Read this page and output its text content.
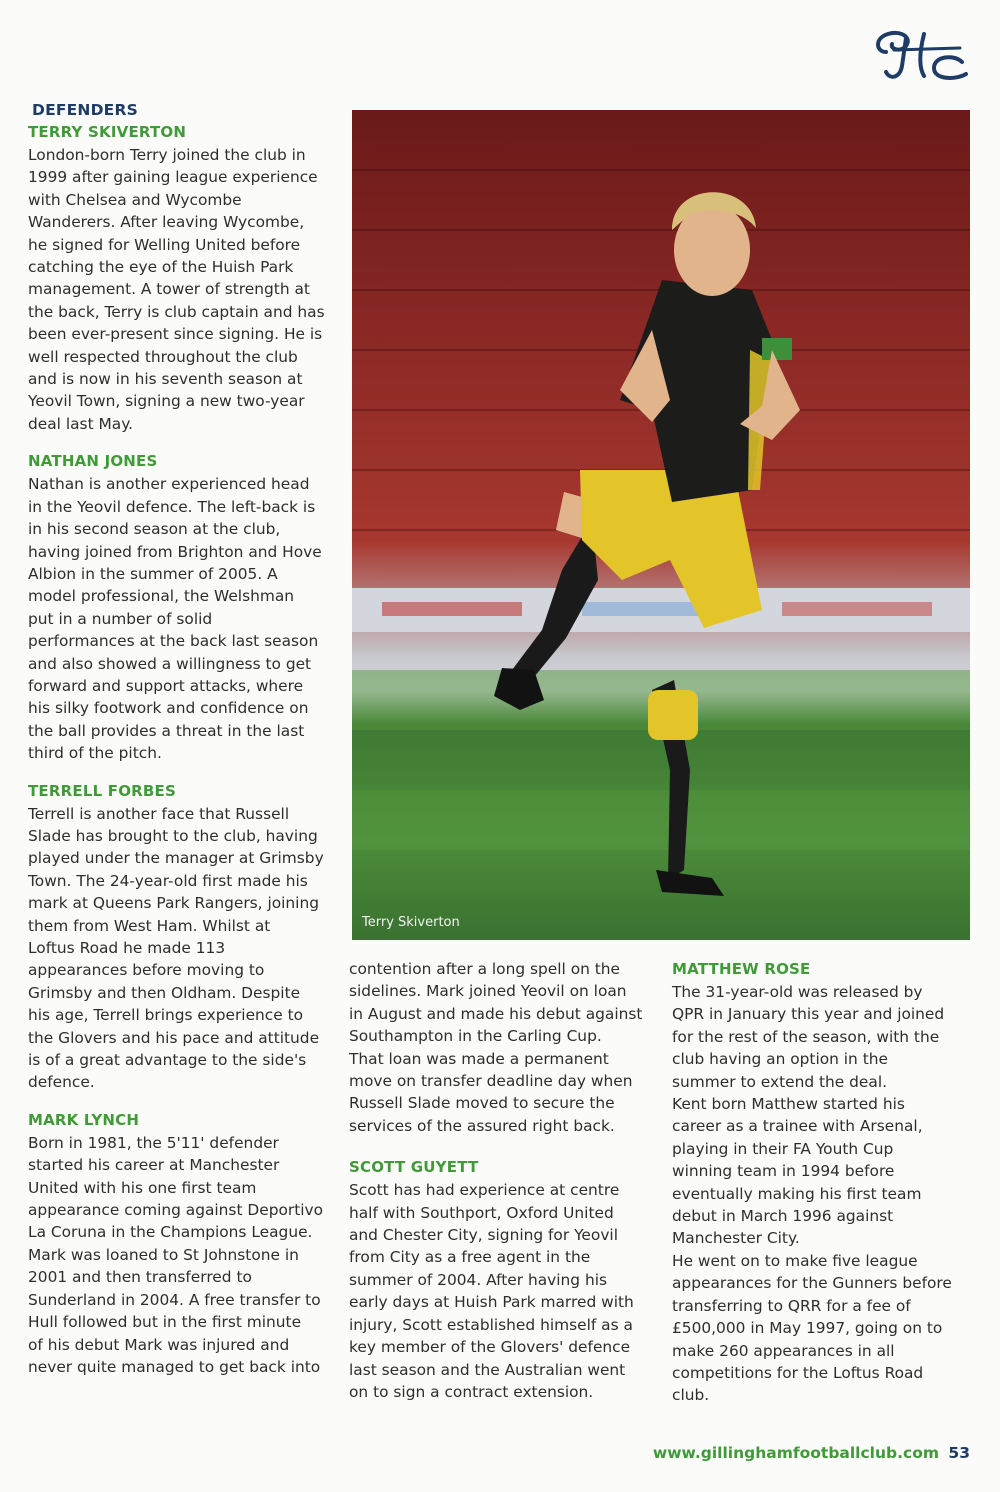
DEFENDERS

TERRY SKIVERTON

London-born Terry joined the club in
1999 after gaining league experience
with Chelsea and Wycombe
Wanderers. After leaving Wycombe,
he signed for Welling United before
catching the eye of the Huish Park
management. A tower of strength at
the back, Terry is club captain and has
been ever-present since signing. He is
well respected throughout the club
and is now in his seventh season at
Yeovil Town, signing a new two-year
deal last May.

NATHAN JONES

Nathan is another experienced head
in the Yeovil defence. The left-back is
in his second season at the club,
having joined from Brighton and Hove
Albion in the summer of 2005. A
model professional, the Welshman
put in a number of solid
performances at the back last season
and also showed a willingness to get
forward and support attacks, where
his silky footwork and confidence on
the ball provides a threat in the last
third of the pitch.

TERRELL FORBES

Terrell is another face that Russell
Slade has brought to the club, having
played under the manager at Grimsby
Town. The 24-year-old first made his
mark at Queens Park Rangers, joining
them from West Ham. Whilst at
Loftus Road he made 113
appearances before moving to
Grimsby and then Oldham. Despite
his age, Terrell brings experience to
the Glovers and his pace and attitude
is of a great advantage to the side's
defence.

MARK LYNCH

Born in 1981, the 5'11' defender
started his career at Manchester
United with his one first team
appearance coming against Deportivo
La Coruna in the Champions League.
Mark was loaned to St Johnstone in
2001 and then transferred to
Sunderland in 2004. A free transfer to
Hull followed but in the first minute
of his debut Mark was injured and
never quite managed to get back into

Terry Skiverton

contention after a long spell on the
sidelines. Mark joined Yeovil on loan
in August and made his debut against
Southampton in the Carling Cup.
That loan was made a permanent
move on transfer deadline day when
Russell Slade moved to secure the
services of the assured right back.

SCOTT GUYETT

Scott has had experience at centre
half with Southport, Oxford United
and Chester City, signing for Yeovil
from City as a free agent in the
summer of 2004. After having his
early days at Huish Park marred with
injury, Scott established himself as a
key member of the Glovers' defence
last season and the Australian went
on to sign a contract extension.

MATTHEW ROSE

The 31-year-old was released by
QPR in January this year and joined
for the rest of the season, with the
club having an option in the
summer to extend the deal.
Kent born Matthew started his
career as a trainee with Arsenal,
playing in their FA Youth Cup
winning team in 1994 before
eventually making his first team
debut in March 1996 against
Manchester City.
He went on to make five league
appearances for the Gunners before
transferring to QRR for a fee of
£500,000 in May 1997, going on to
make 260 appearances in all
competitions for the Loftus Road
club.

www.gillinghamfootballclub.com 53
